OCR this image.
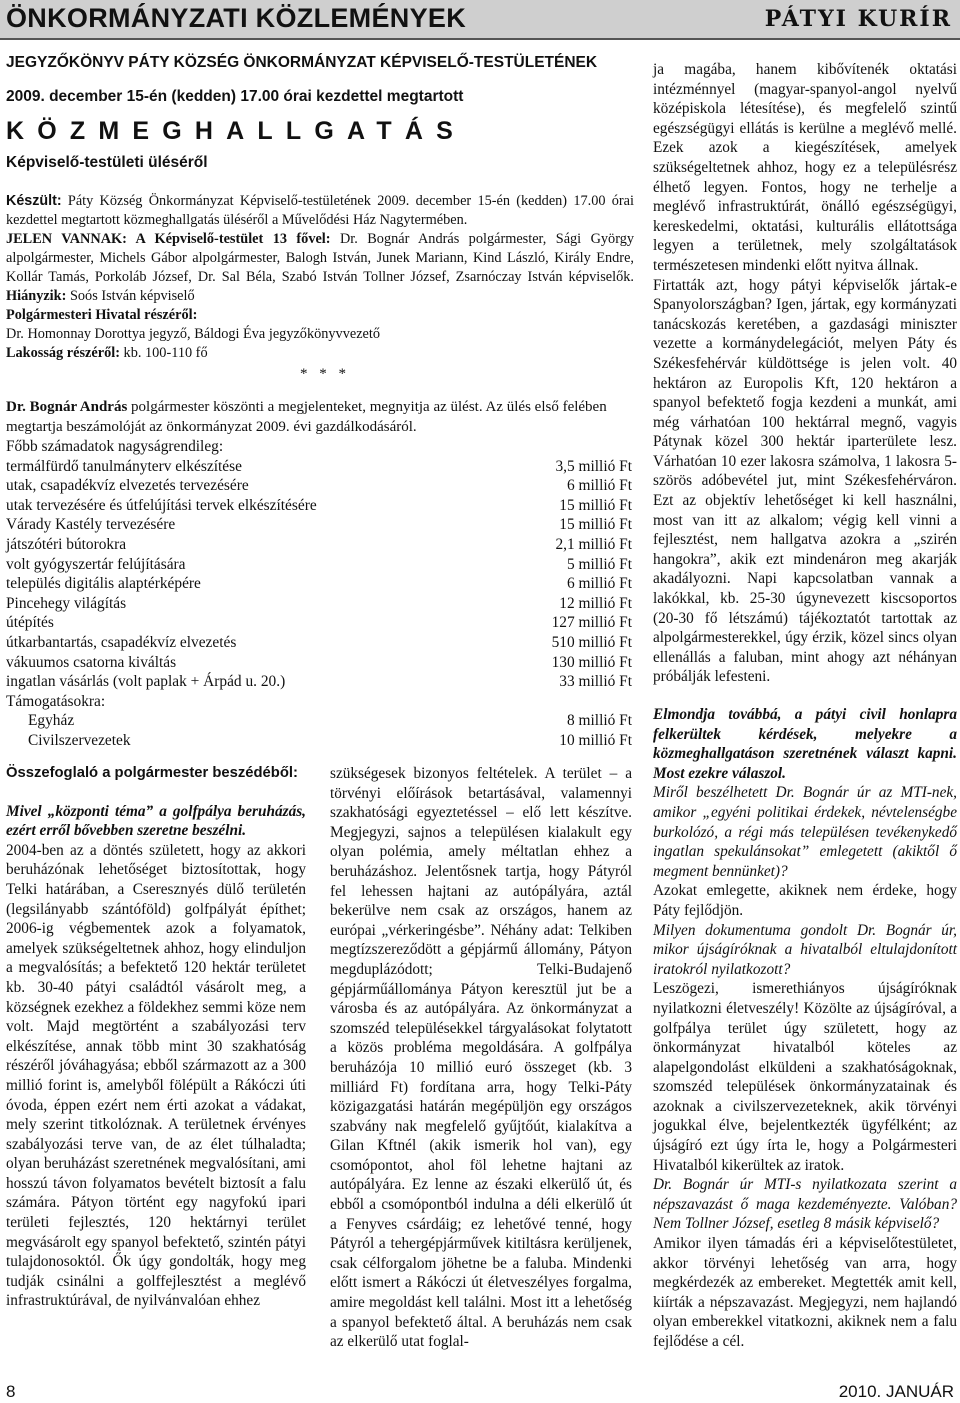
ÖNKORMÁNYZATI KÖZLEMÉNYEK	PÁTYI KURÍR
JEGYZŐKÖNYV PÁTY KÖZSÉG ÖNKORMÁNYZAT KÉPVISELŐ-TESTÜLETÉNEK
2009. december 15-én (kedden) 17.00 órai kezdettel megtartott
KÖZMEGHALLGATÁS
Képviselő-testületi üléséről

Készült: Páty Község Önkormányzat Képviselő-testületének 2009. december 15-én (kedden) 17.00 órai kezdettel megtartott közmeghallgatás üléséről a Művelődési Ház Nagytermében.

JELEN VANNAK: A Képviselő-testület 13 fővel: Dr. Bognár András polgármester, Sági György alpolgármester, Michels Gábor alpolgármester, Balogh István, Junek Mariann, Kind László, Király Endre, Kollár Tamás, Porkoláb József, Dr. Sal Béla, Szabó István Tollner József, Zsarnóczay István képviselők. Hiányzik: Soós István képviselő

Polgármesteri Hivatal részéről:

Dr. Homonnay Dorottya jegyző, Báldogi Éva jegyzőkönyvvezető

Lakosság részéről: kb. 100-110 fő

* * *

Dr. Bognár András polgármester köszönti a megjelenteket, megnyitja az ülést. Az ülés első felében megtartja beszámolóját az önkormányzat 2009. évi gazdálkodásáról.

Főbb számadatok nagyságrendileg:
termálfürdő tanulmányterv elkészítése	3,5 millió Ft
utak, csapadékvíz elvezetés tervezésére	6 millió Ft
utak tervezésére és útfelújítási tervek elkészítésére	15 millió Ft
Várady Kastély tervezésére	15 millió Ft
játszótéri bútorokra	2,1 millió Ft
volt gyógyszertár felújítására	5 millió Ft
település digitális alaptérképére	6 millió Ft
Pincehegy világítás	12 millió Ft
útépítés	127 millió Ft
útkarbantartás, csapadékvíz elvezetés	510 millió Ft
vákuumos csatorna kiváltás	130 millió Ft
ingatlan vásárlás (volt paplak + Árpád u. 20.)	33 millió Ft
Támogatásokra:
Egyház	8 millió Ft
Civilszervezetek	10 millió Ft

Összefoglaló a polgármester beszédéből:

Mivel „központi téma” a golfpálya beruházás, ezért erről bővebben szeretne beszélni.

2004-ben az a döntés született, hogy az akkori beruházónak lehetőséget biztosítottak, hogy Telki határában, a Cseresznyés dülő területén (legsilányabb szántóföld) golfpályát építhet; 2006-ig végbementek azok a folyamatok, amelyek szükségeltetnek ahhoz, hogy elinduljon a megvalósítás; a befektető 120 hektár területet kb. 30-40 pátyi családtól vásárolt meg, a községnek ezekhez a földekhez semmi köze nem volt. Majd megtörtént a szabályozási terv elkészítése, annak több mint 30 szakhatóság részéről jóváhagyása; ebből származott az a 300 millió forint is, amelyből fölépült a Rákóczi úti óvoda, éppen ezért nem érti azokat a vádakat, mely szerint titkolóznak. A területnek érvényes szabályozási terve van, de az élet túlhaladta; olyan beruházást szeretnének megvalósítani, ami hosszú távon folyamatos bevételt biztosít a falu számára. Pátyon történt egy nagyfokú ipari területi fejlesztés, 120 hektárnyi terület megvásárolt egy spanyol befektető, szintén pátyi tulajdonosoktól. Ők úgy gondolták, hogy meg tudják csinálni a golffejlesztést a meglévő infrastruktúrával, de nyilvánvalóan ehhez

szükségesek bizonyos feltételek. A terület – a törvényi előírások betartásával, valamennyi szakhatósági egyeztetéssel – elő lett készítve. Megjegyzi, sajnos a településen kialakult egy olyan polémia, amely méltatlan ehhez a beruházáshoz. Jelentősnek tartja, hogy Pátyról fel lehessen hajtani az autópályára, aztál bekerülve nem csak az országos, hanem az európai „vérkeringésbe”. Néhány adat: Telkiben megtízszereződött a gépjármű állomány, Pátyon megduplázódott; Telki-Budajenő gépjárműállománya Pátyon keresztül jut be a városba és az autópályára. Az önkormányzat a szomszéd településekkel tárgyalásokat folytatott a közös probléma megoldására. A golfpálya beruházója 10 millió euró összeget (kb. 3 milliárd Ft) fordítana arra, hogy Telki-Páty közigazgatási határán megépüljön egy országos szabvány nak megfelelő gyűjtőút, kialakítva a Gilan Kftnél (akik ismerik hol van), egy csomópontot, ahol föl lehetne hajtani az autópályára. Ez lenne az északi elkerülő út, és ebből a csomópontból indulna a déli elkerülő út a Fenyves csárdáig; ez lehetővé tenné, hogy Pátyról a tehergépjárművek kitiltásra kerüljenek, csak célforgalom jöhetne be a faluba. Mindenki előtt ismert a Rákóczi út életveszélyes forgalma, amire megoldást kell találni. Most itt a lehetőség a spanyol befektető által. A beruházás nem csak az elkerülő utat foglal-

ja magába, hanem kibővítenék oktatási intézménnyel (magyar-spanyol-angol nyelvű középiskola létesítése), és megfelelő szintű egészségügyi ellátás is kerülne a meglévő mellé. Ezek azok a kiegészítések, amelyek szükségeltetnek ahhoz, hogy ez a településrész élhető legyen. Fontos, hogy ne terhelje a meglévő infrastruktúrát, önálló egészségügyi, kereskedelmi, oktatási, kulturális ellátottsága legyen a területnek, mely szolgáltatások természetesen mindenki előtt nyitva állnak.

Firtatták azt, hogy pátyi képviselők jártak-e Spanyolországban? Igen, jártak, egy kormányzati tanácskozás keretében, a gazdasági miniszter vezette a kormánydelegációt, melyen Páty és Székesfehérvár küldöttsége is jelen volt. 40 hektáron az Europolis Kft, 120 hektáron a spanyol befektető fogja kezdeni a munkát, ami még várhatóan 100 hektárral megnő, vagyis Pátynak közel 300 hektár iparterülete lesz. Várhatóan 10 ezer lakosra számolva, 1 lakosra 5-szörös adóbevétel jut, mint Székesfehérváron. Ezt az objektív lehetőséget ki kell használni, most van itt az alkalom; végig kell vinni a fejlesztést, nem hallgatva azokra a „szirén hangokra”, akik ezt mindenáron meg akarják akadályozni. Napi kapcsolatban vannak a lakókkal, kb. 25-30 úgynevezett kiscsoportos (20-30 fő létszámú) tájékoztatót tartottak az alpolgármesterekkel, úgy érzik, közel sincs olyan ellenállás a faluban, mint ahogy azt néhányan próbálják lefesteni.

Elmondja továbbá, a pátyi civil honlapra felkerültek kérdések, melyekre a közmeghallgatáson szeretnének választ kapni. Most ezekre válaszol.

Miről beszélhetett Dr. Bognár úr az MTI-nek, amikor „egyéni politikai érdekek, névtelenségbe burkolózó, a régi más településen tevékenykedő ingatlan spekulánsokat” emlegetett (akiktől ő megment bennünket)?

Azokat emlegette, akiknek nem érdeke, hogy Páty fejlődjön.

Milyen dokumentuma gondolt Dr. Bognár úr, mikor újságíróknak a hivatalból eltulajdonított iratokról nyilatkozott?

Leszögezi, ismerethiányos újságíróknak nyilatkozni életveszély! Közölte az újságíróval, a golfpálya terület úgy született, hogy az önkormányzat hivatalból köteles az alapelgondolást elküldeni a szakhatóságoknak, szomszéd települések önkormányzatainak és azoknak a civilszervezeteknek, akik törvényi jogukkal élve, bejelentkezték ügyfélként; az újságíró ezt úgy írta le, hogy a Polgármesteri Hivatalból kikerültek az iratok.

Dr. Bognár úr MTI-s nyilatkozata szerint a népszavazást ő maga kezdeményezte. Valóban? Nem Tollner József, esetleg 8 másik képviselő?

Amikor ilyen támadás éri a képviselőtestületet, akkor törvényi lehetőség van arra, hogy megkérdezék az embereket. Megtették amit kell, kiírták a népszavazást. Megjegyzi, nem hajlandó olyan emberekkel vitatkozni, akiknek nem a falu fejlődése a cél.

8	2010. JANUÁR
